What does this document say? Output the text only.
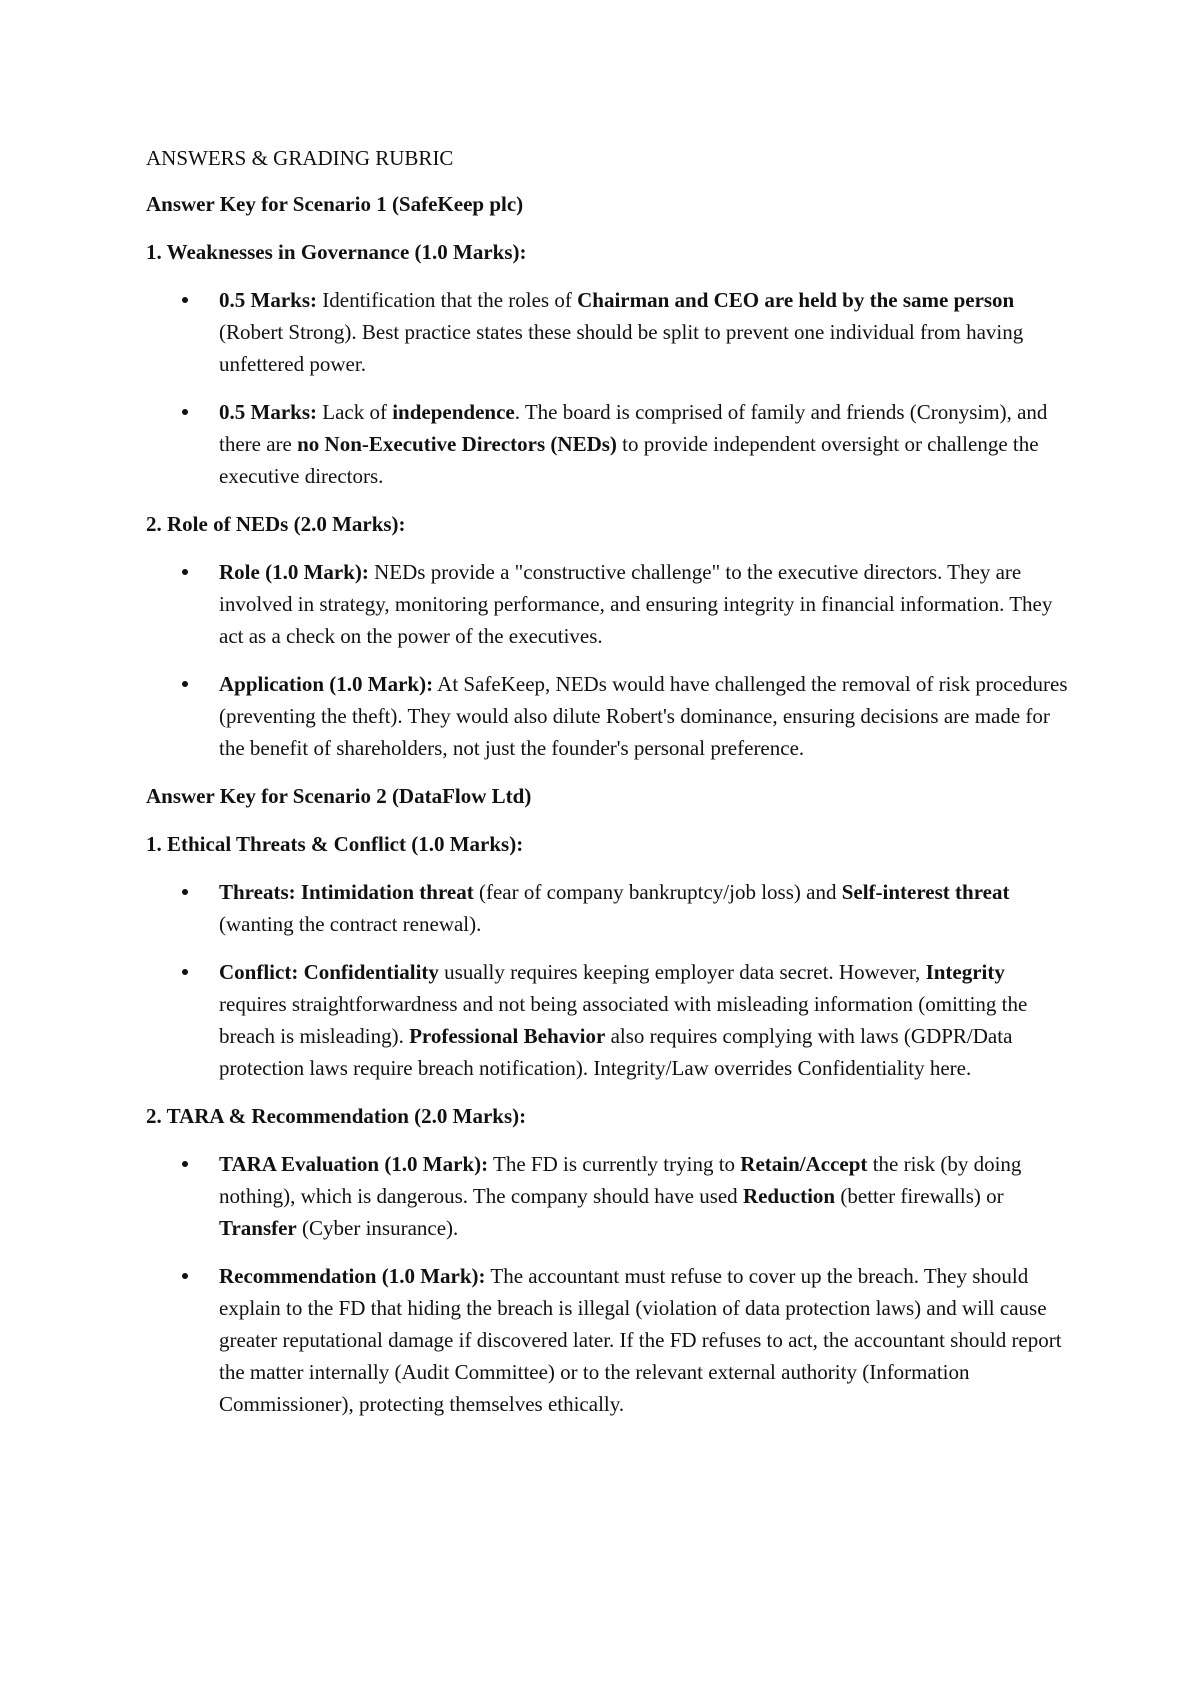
ANSWERS & GRADING RUBRIC

Answer Key for Scenario 1 (SafeKeep plc)

1. Weaknesses in Governance (1.0 Marks):

0.5 Marks: Identification that the roles of Chairman and CEO are held by the same person (Robert Strong). Best practice states these should be split to prevent one individual from having unfettered power.
0.5 Marks: Lack of independence. The board is comprised of family and friends (Cronysim), and there are no Non-Executive Directors (NEDs) to provide independent oversight or challenge the executive directors.

2. Role of NEDs (2.0 Marks):

Role (1.0 Mark): NEDs provide a "constructive challenge" to the executive directors. They are involved in strategy, monitoring performance, and ensuring integrity in financial information. They act as a check on the power of the executives.
Application (1.0 Mark): At SafeKeep, NEDs would have challenged the removal of risk procedures (preventing the theft). They would also dilute Robert's dominance, ensuring decisions are made for the benefit of shareholders, not just the founder's personal preference.

Answer Key for Scenario 2 (DataFlow Ltd)

1. Ethical Threats & Conflict (1.0 Marks):

Threats: Intimidation threat (fear of company bankruptcy/job loss) and Self-interest threat (wanting the contract renewal).
Conflict: Confidentiality usually requires keeping employer data secret. However, Integrity requires straightforwardness and not being associated with misleading information (omitting the breach is misleading). Professional Behavior also requires complying with laws (GDPR/Data protection laws require breach notification). Integrity/Law overrides Confidentiality here.

2. TARA & Recommendation (2.0 Marks):

TARA Evaluation (1.0 Mark): The FD is currently trying to Retain/Accept the risk (by doing nothing), which is dangerous. The company should have used Reduction (better firewalls) or Transfer (Cyber insurance).
Recommendation (1.0 Mark): The accountant must refuse to cover up the breach. They should explain to the FD that hiding the breach is illegal (violation of data protection laws) and will cause greater reputational damage if discovered later. If the FD refuses to act, the accountant should report the matter internally (Audit Committee) or to the relevant external authority (Information Commissioner), protecting themselves ethically.
